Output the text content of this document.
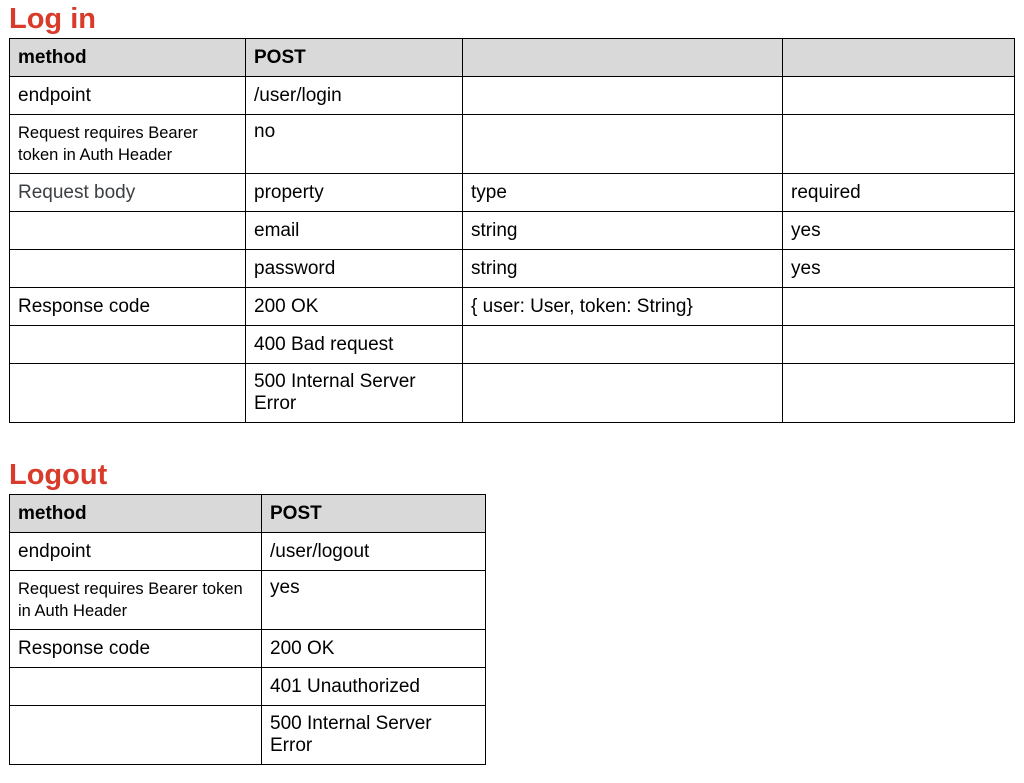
Log in
method	POST		
endpoint	/user/login		
Request requires Bearer token in Auth Header	no		
Request body	property	type	required
	email	string	yes
	password	string	yes
Response code	200 OK	{ user: User, token: String}	
	400 Bad request		
	500 Internal Server Error		
Logout
method	POST
endpoint	/user/logout
Request requires Bearer token in Auth Header	yes
Response code	200 OK
	401 Unauthorized
	500 Internal Server Error
